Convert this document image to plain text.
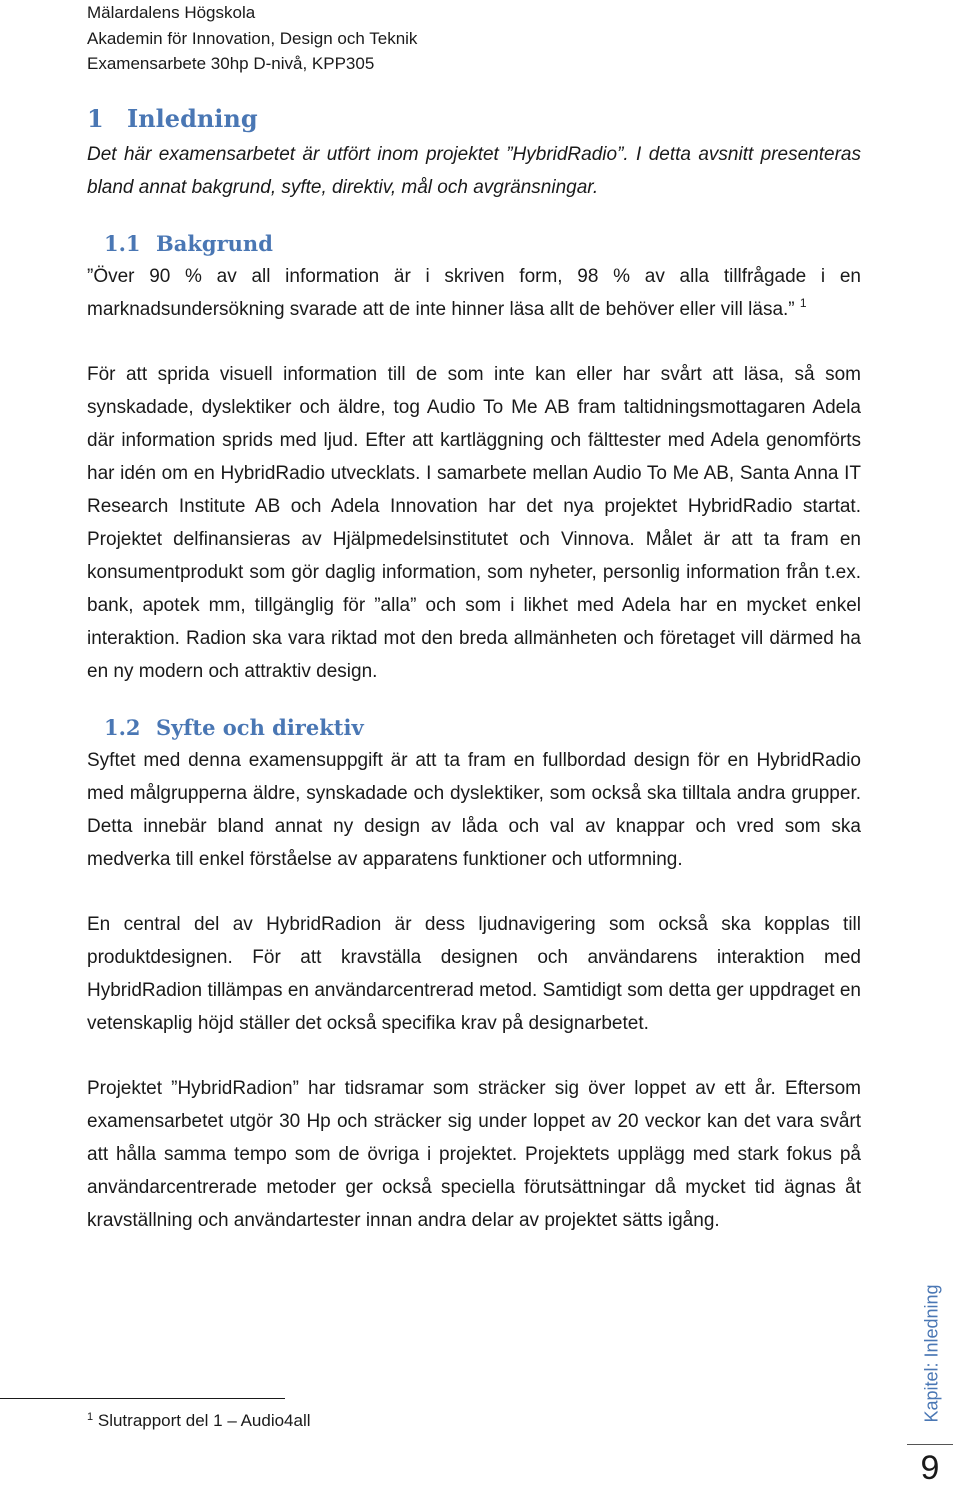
Mälardalens Högskola
Akademin för Innovation, Design och Teknik
Examensarbete 30hp D-nivå, KPP305
1 Inledning

Det här examensarbetet är utfört inom projektet ”HybridRadio”. I detta avsnitt presenteras bland annat bakgrund, syfte, direktiv, mål och avgränsningar.

1.1 Bakgrund

”Över 90 % av all information är i skriven form, 98 % av alla tillfrågade i en marknadsundersökning svarade att de inte hinner läsa allt de behöver eller vill läsa.” $^1$

För att sprida visuell information till de som inte kan eller har svårt att läsa, så som synskadade, dyslektiker och äldre, tog Audio To Me AB fram taltidningsmottagaren Adela där information sprids med ljud. Efter att kartläggning och fälttester med Adela genomförts har idén om en HybridRadio utvecklats. I samarbete mellan Audio To Me AB, Santa Anna IT Research Institute AB och Adela Innovation har det nya projektet HybridRadio startat. Projektet delfinansieras av Hjälpmedelsinstitutet och Vinnova. Målet är att ta fram en konsumentprodukt som gör daglig information, som nyheter, personlig information från t.ex. bank, apotek mm, tillgänglig för ”alla” och som i likhet med Adela har en mycket enkel interaktion. Radion ska vara riktad mot den breda allmänheten och företaget vill därmed ha en ny modern och attraktiv design.

1.2 Syfte och direktiv

Syftet med denna examensuppgift är att ta fram en fullbordad design för en HybridRadio med målgrupperna äldre, synskadade och dyslektiker, som också ska tilltala andra grupper. Detta innebär bland annat ny design av låda och val av knappar och vred som ska medverka till enkel förståelse av apparatens funktioner och utformning.

En central del av HybridRadion är dess ljudnavigering som också ska kopplas till produktdesignen. För att kravställa designen och användarens interaktion med HybridRadion tillämpas en användarcentrerad metod. Samtidigt som detta ger uppdraget en vetenskaplig höjd ställer det också specifika krav på designarbetet.

Projektet ”HybridRadion” har tidsramar som sträcker sig över loppet av ett år. Eftersom examensarbetet utgör 30 Hp och sträcker sig under loppet av 20 veckor kan det vara svårt att hålla samma tempo som de övriga i projektet. Projektets upplägg med stark fokus på användarcentrerade metoder ger också speciella förutsättningar då mycket tid ägnas åt kravställning och användartester innan andra delar av projektet sätts igång.

$^1$ Slutrapport del 1 – Audio4all	Kapitel: Inledning
9
